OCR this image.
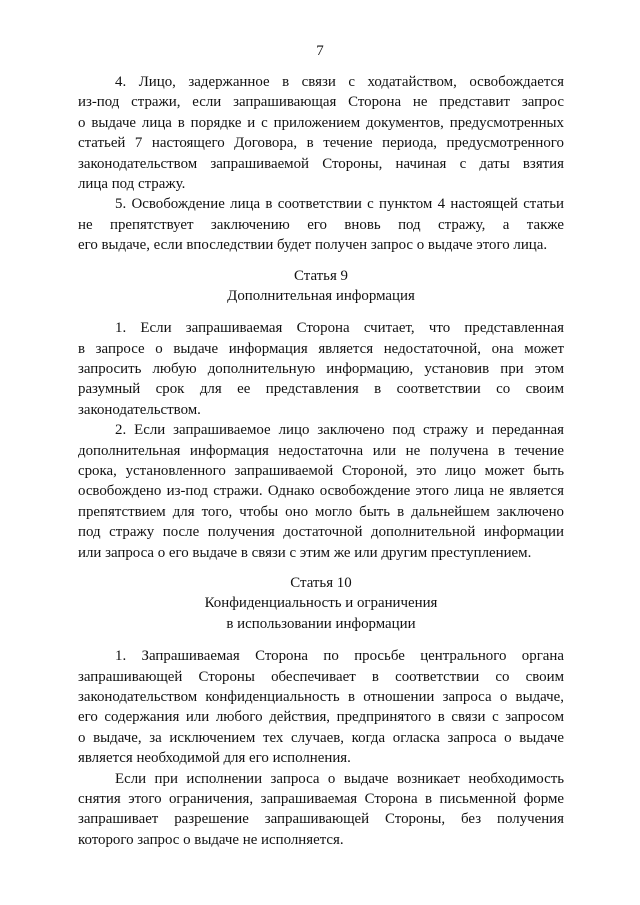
7
4. Лицо, задержанное в связи с ходатайством, освобождается
из-под стражи, если запрашивающая Сторона не представит запрос
о выдаче лица в порядке и с приложением документов, предусмотренных
статьей 7 настоящего Договора, в течение периода, предусмотренного
законодательством запрашиваемой Стороны, начиная с даты взятия
лица под стражу.
5. Освобождение лица в соответствии с пунктом 4 настоящей статьи
не препятствует заключению его вновь под стражу, а также
его выдаче, если впоследствии будет получен запрос о выдаче этого лица.
Статья 9
Дополнительная информация
1. Если запрашиваемая Сторона считает, что представленная
в запросе о выдаче информация является недостаточной, она может
запросить любую дополнительную информацию, установив при этом
разумный срок для ее представления в соответствии со своим
законодательством.
2. Если запрашиваемое лицо заключено под стражу и переданная
дополнительная информация недостаточна или не получена в течение
срока, установленного запрашиваемой Стороной, это лицо может быть
освобождено из-под стражи. Однако освобождение этого лица не является
препятствием для того, чтобы оно могло быть в дальнейшем заключено
под стражу после получения достаточной дополнительной информации
или запроса о его выдаче в связи с этим же или другим преступлением.
Статья 10
Конфиденциальность и ограничения
в использовании информации
1. Запрашиваемая Сторона по просьбе центрального органа
запрашивающей Стороны обеспечивает в соответствии со своим
законодательством конфиденциальность в отношении запроса о выдаче,
его содержания или любого действия, предпринятого в связи с запросом
о выдаче, за исключением тех случаев, когда огласка запроса о выдаче
является необходимой для его исполнения.
Если при исполнении запроса о выдаче возникает необходимость
снятия этого ограничения, запрашиваемая Сторона в письменной форме
запрашивает разрешение запрашивающей Стороны, без получения
которого запрос о выдаче не исполняется.
